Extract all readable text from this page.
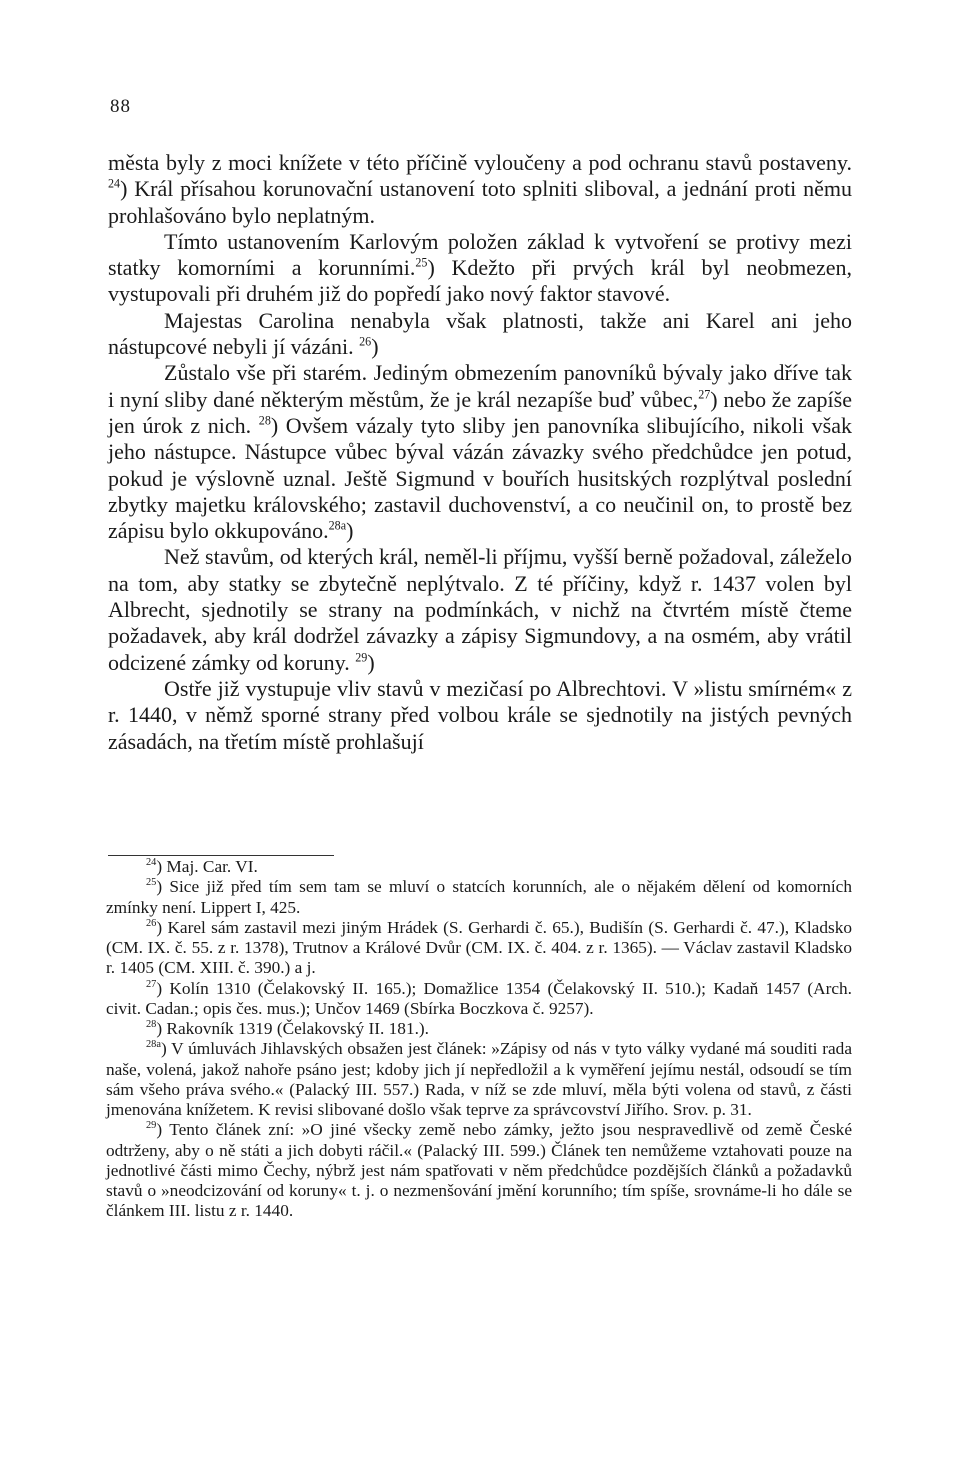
88

města byly z moci knížete v této příčině vyloučeny a pod ochranu stavů postaveny. $^{24}$) Král přísahou korunovační ustanovení toto splniti sliboval, a jednání proti němu prohlašováno bylo neplatným.

Tímto ustanovením Karlovým položen základ k vytvoření se protivy mezi statky komorními a korunními.$^{25}$) Kdežto při prvých král byl neobmezen, vystupovali při druhém již do popředí jako nový faktor stavové.

Majestas Carolina nenabyla však platnosti, takže ani Karel ani jeho nástupcové nebyli jí vázáni. $^{26}$)

Zůstalo vše při starém. Jediným obmezením panovníků bývaly jako dříve tak i nyní sliby dané některým městům, že je král nezapíše buď vůbec,$^{27}$) nebo že zapíše jen úrok z nich. $^{28}$) Ovšem vázaly tyto sliby jen panovníka slibujícího, nikoli však jeho nástupce. Nástupce vůbec býval vázán závazky svého předchůdce jen potud, pokud je výslovně uznal. Ještě Sigmund v bouřích husitských rozplýtval poslední zbytky majetku královského; zastavil duchovenství, a co neučinil on, to prostě bez zápisu bylo okkupováno.$^{28a}$)

Než stavům, od kterých král, neměl-li příjmu, vyšší berně požadoval, záleželo na tom, aby statky se zbytečně neplýtvalo. Z té příčiny, když r. 1437 volen byl Albrecht, sjednotily se strany na podmínkách, v nichž na čtvrtém místě čteme požadavek, aby král dodržel závazky a zápisy Sigmundovy, a na osmém, aby vrátil odcizené zámky od koruny. $^{29}$)

Ostře již vystupuje vliv stavů v mezičasí po Albrechtovi. V »listu smírném« z r. 1440, v němž sporné strany před volbou krále se sjednotily na jistých pevných zásadách, na třetím místě prohlašují

$^{24}$) Maj. Car. VI.

$^{25}$) Sice již před tím sem tam se mluví o statcích korunních, ale o nějakém dělení od komorních zmínky není. Lippert I, 425.

$^{26}$) Karel sám zastavil mezi jiným Hrádek (S. Gerhardi č. 65.), Budišín (S. Gerhardi č. 47.), Kladsko (CM. IX. č. 55. z r. 1378), Trutnov a Králové Dvůr (CM. IX. č. 404. z r. 1365). — Václav zastavil Kladsko r. 1405 (CM. XIII. č. 390.) a j.

$^{27}$) Kolín 1310 (Čelakovský II. 165.); Domažlice 1354 (Čelakovský II. 510.); Kadaň 1457 (Arch. civit. Cadan.; opis čes. mus.); Unčov 1469 (Sbírka Boczkova č. 9257).

$^{28}$) Rakovník 1319 (Čelakovský II. 181.).

$^{28a}$) V úmluvách Jihlavských obsažen jest článek: »Zápisy od nás v tyto války vydané má souditi rada naše, volená, jakož nahoře psáno jest; kdoby jich jí nepředložil a k vyměření jejímu nestál, odsoudí se tím sám všeho práva svého.« (Palacký III. 557.) Rada, v níž se zde mluví, měla býti volena od stavů, z části jmenována knížetem. K revisi slibované došlo však teprve za správcovství Jiřího. Srov. p. 31.

$^{29}$) Tento článek zní: »O jiné všecky země nebo zámky, ježto jsou nespravedlivě od země České odtrženy, aby o ně státi a jich dobyti ráčil.« (Palacký III. 599.) Článek ten nemůžeme vztahovati pouze na jednotlivé části mimo Čechy, nýbrž jest nám spatřovati v něm předchůdce pozdějších článků a požadavků stavů o »neodcizování od koruny« t. j. o nezmenšování jmění korunního; tím spíše, srovnáme-li ho dále se článkem III. listu z r. 1440.
